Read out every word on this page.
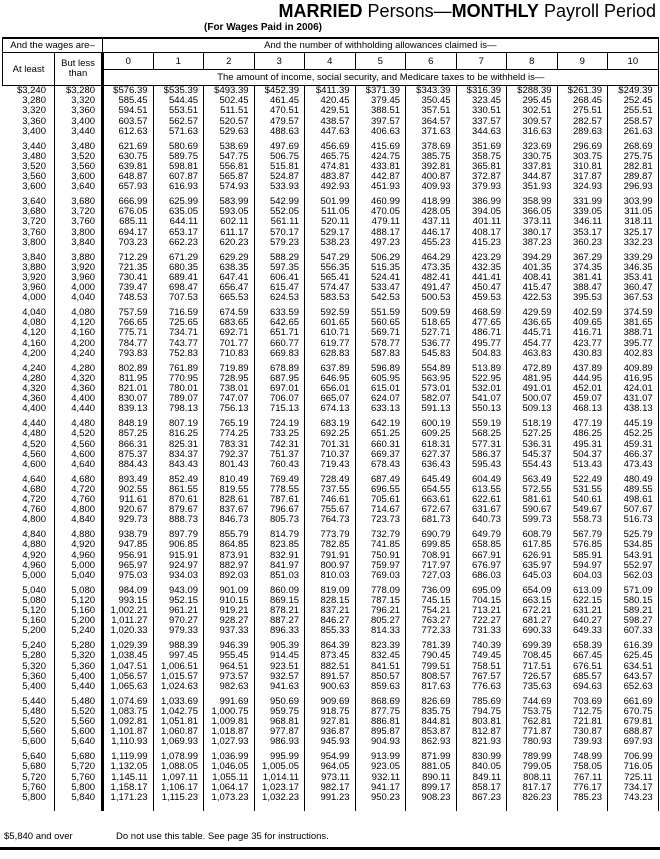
MARRIED Persons—MONTHLY Payroll Period
(For Wages Paid in 2006)
And the wages are–		And the number of withholding allowances claimed is—										
At least	But less than	0	1	2	3	4	5	6	7	8	9	10
		The amount of income, social security, and Medicare taxes to be withheld is—										
$3,240	$3,280	$576.39	$535.39	$493.39	$452.39	$411.39	$371.39	$343.39	$316.39	$288.39	$261.39	$249.39
3,280	3,320	585.45	544.45	502.45	461.45	420.45	379.45	350.45	323.45	295.45	268.45	252.45
3,320	3,360	594.51	553.51	511.51	470.51	429.51	388.51	357.51	330.51	302.51	275.51	255.51
3,360	3,400	603.57	562.57	520.57	479.57	438.57	397.57	364.57	337.57	309.57	282.57	258.57
3,400	3,440	612.63	571.63	529.63	488.63	447.63	406.63	371.63	344.63	316.63	289.63	261.63

3,440	3,480	621.69	580.69	538.69	497.69	456.69	415.69	378.69	351.69	323.69	296.69	268.69
3,480	3,520	630.75	589.75	547.75	506.75	465.75	424.75	385.75	358.75	330.75	303.75	275.75
3,520	3,560	639.81	598.81	556.81	515.81	474.81	433.81	392.81	365.81	337.81	310.81	282.81
3,560	3,600	648.87	607.87	565.87	524.87	483.87	442.87	400.87	372.87	344.87	317.87	289.87
3,600	3,640	657.93	616.93	574.93	533.93	492.93	451.93	409.93	379.93	351.93	324.93	296.93

3,640	3,680	666.99	625.99	583.99	542.99	501.99	460.99	418.99	386.99	358.99	331.99	303.99
3,680	3,720	676.05	635.05	593.05	552.05	511.05	470.05	428.05	394.05	366.05	339.05	311.05
3,720	3,760	685.11	644.11	602.11	561.11	520.11	479.11	437.11	401.11	373.11	346.11	318.11
3,760	3,800	694.17	653.17	611.17	570.17	529.17	488.17	446.17	408.17	380.17	353.17	325.17
3,800	3,840	703.23	662.23	620.23	579.23	538.23	497.23	455.23	415.23	387.23	360.23	332.23

3,840	3,880	712.29	671.29	629.29	588.29	547.29	506.29	464.29	423.29	394.29	367.29	339.29
3,880	3,920	721.35	680.35	638.35	597.35	556.35	515.35	473.35	432.35	401.35	374.35	346.35
3,920	3,960	730.41	689.41	647.41	606.41	565.41	524.41	482.41	441.41	408.41	381.41	353.41
3,960	4,000	739.47	698.47	656.47	615.47	574.47	533.47	491.47	450.47	415.47	388.47	360.47
4,000	4,040	748.53	707.53	665.53	624.53	583.53	542.53	500.53	459.53	422.53	395.53	367.53

4,040	4,080	757.59	716.59	674.59	633.59	592.59	551.59	509.59	468.59	429.59	402.59	374.59
4,080	4,120	766.65	725.65	683.65	642.65	601.65	560.65	518.65	477.65	436.65	409.65	381.65
4,120	4,160	775.71	734.71	692.71	651.71	610.71	569.71	527.71	486.71	445.71	416.71	388.71
4,160	4,200	784.77	743.77	701.77	660.77	619.77	578.77	536.77	495.77	454.77	423.77	395.77
4,200	4,240	793.83	752.83	710.83	669.83	628.83	587.83	545.83	504.83	463.83	430.83	402.83

4,240	4,280	802.89	761.89	719.89	678.89	637.89	596.89	554.89	513.89	472.89	437.89	409.89
4,280	4,320	811.95	770.95	728.95	687.95	646.95	605.95	563.95	522.95	481.95	444.95	416.95
4,320	4,360	821.01	780.01	738.01	697.01	656.01	615.01	573.01	532.01	491.01	452.01	424.01
4,360	4,400	830.07	789.07	747.07	706.07	665.07	624.07	582.07	541.07	500.07	459.07	431.07
4,400	4,440	839.13	798.13	756.13	715.13	674.13	633.13	591.13	550.13	509.13	468.13	438.13

4,440	4,480	848.19	807.19	765.19	724.19	683.19	642.19	600.19	559.19	518.19	477.19	445.19
4,480	4,520	857.25	816.25	774.25	733.25	692.25	651.25	609.25	568.25	527.25	486.25	452.25
4,520	4,560	866.31	825.31	783.31	742.31	701.31	660.31	618.31	577.31	536.31	495.31	459.31
4,560	4,600	875.37	834.37	792.37	751.37	710.37	669.37	627.37	586.37	545.37	504.37	466.37
4,600	4,640	884.43	843.43	801.43	760.43	719.43	678.43	636.43	595.43	554.43	513.43	473.43

4,640	4,680	893.49	852.49	810.49	769.49	728.49	687.49	645.49	604.49	563.49	522.49	480.49
4,680	4,720	902.55	861.55	819.55	778.55	737.55	696.55	654.55	613.55	572.55	531.55	489.55
4,720	4,760	911.61	870.61	828.61	787.61	746.61	705.61	663.61	622.61	581.61	540.61	498.61
4,760	4,800	920.67	879.67	837.67	796.67	755.67	714.67	672.67	631.67	590.67	549.67	507.67
4,800	4,840	929.73	888.73	846.73	805.73	764.73	723.73	681.73	640.73	599.73	558.73	516.73

4,840	4,880	938.79	897.79	855.79	814.79	773.79	732.79	690.79	649.79	608.79	567.79	525.79
4,880	4,920	947.85	906.85	864.85	823.85	782.85	741.85	699.85	658.85	617.85	576.85	534.85
4,920	4,960	956.91	915.91	873.91	832.91	791.91	750.91	708.91	667.91	626.91	585.91	543.91
4,960	5,000	965.97	924.97	882.97	841.97	800.97	759.97	717.97	676.97	635.97	594.97	552.97
5,000	5,040	975.03	934.03	892.03	851.03	810.03	769.03	727.03	686.03	645.03	604.03	562.03

5,040	5,080	984.09	943.09	901.09	860.09	819.09	778.09	736.09	695.09	654.09	613.09	571.09
5,080	5,120	993.15	952.15	910.15	869.15	828.15	787.15	745.15	704.15	663.15	622.15	580.15
5,120	5,160	1,002.21	961.21	919.21	878.21	837.21	796.21	754.21	713.21	672.21	631.21	589.21
5,160	5,200	1,011.27	970.27	928.27	887.27	846.27	805.27	763.27	722.27	681.27	640.27	598.27
5,200	5,240	1,020.33	979.33	937.33	896.33	855.33	814.33	772.33	731.33	690.33	649.33	607.33

5,240	5,280	1,029.39	988.39	946.39	905.39	864.39	823.39	781.39	740.39	699.39	658.39	616.39
5,280	5,320	1,038.45	997.45	955.45	914.45	873.45	832.45	790.45	749.45	708.45	667.45	625.45
5,320	5,360	1,047.51	1,006.51	964.51	923.51	882.51	841.51	799.51	758.51	717.51	676.51	634.51
5,360	5,400	1,056.57	1,015.57	973.57	932.57	891.57	850.57	808.57	767.57	726.57	685.57	643.57
5,400	5,440	1,065.63	1,024.63	982.63	941.63	900.63	859.63	817.63	776.63	735.63	694.63	652.63

5,440	5,480	1,074.69	1,033.69	991.69	950.69	909.69	868.69	826.69	785.69	744.69	703.69	661.69
5,480	5,520	1,083.75	1,042.75	1,000.75	959.75	918.75	877.75	835.75	794.75	753.75	712.75	670.75
5,520	5,560	1,092.81	1,051.81	1,009.81	968.81	927.81	886.81	844.81	803.81	762.81	721.81	679.81
5,560	5,600	1,101.87	1,060.87	1,018.87	977.87	936.87	895.87	853.87	812.87	771.87	730.87	688.87
5,600	5,640	1,110.93	1,069.93	1,027.93	986.93	945.93	904.93	862.93	821.93	780.93	739.93	697.93

5,640	5,680	1,119.99	1,078.99	1,036.99	995.99	954.99	913.99	871.99	830.99	789.99	748.99	706.99
5,680	5,720	1,132.05	1,088.05	1,046.05	1,005.05	964.05	923.05	881.05	840.05	799.05	758.05	716.05
5,720	5,760	1,145.11	1,097.11	1,055.11	1,014.11	973.11	932.11	890.11	849.11	808.11	767.11	725.11
5,760	5,800	1,158.17	1,106.17	1,064.17	1,023.17	982.17	941.17	899.17	858.17	817.17	776.17	734.17
5,800	5,840	1,171.23	1,115.23	1,073.23	1,032.23	991.23	950.23	908.23	867.23	826.23	785.23	743.23

$5,840 and over	Do not use this table. See page 35 for instructions.
